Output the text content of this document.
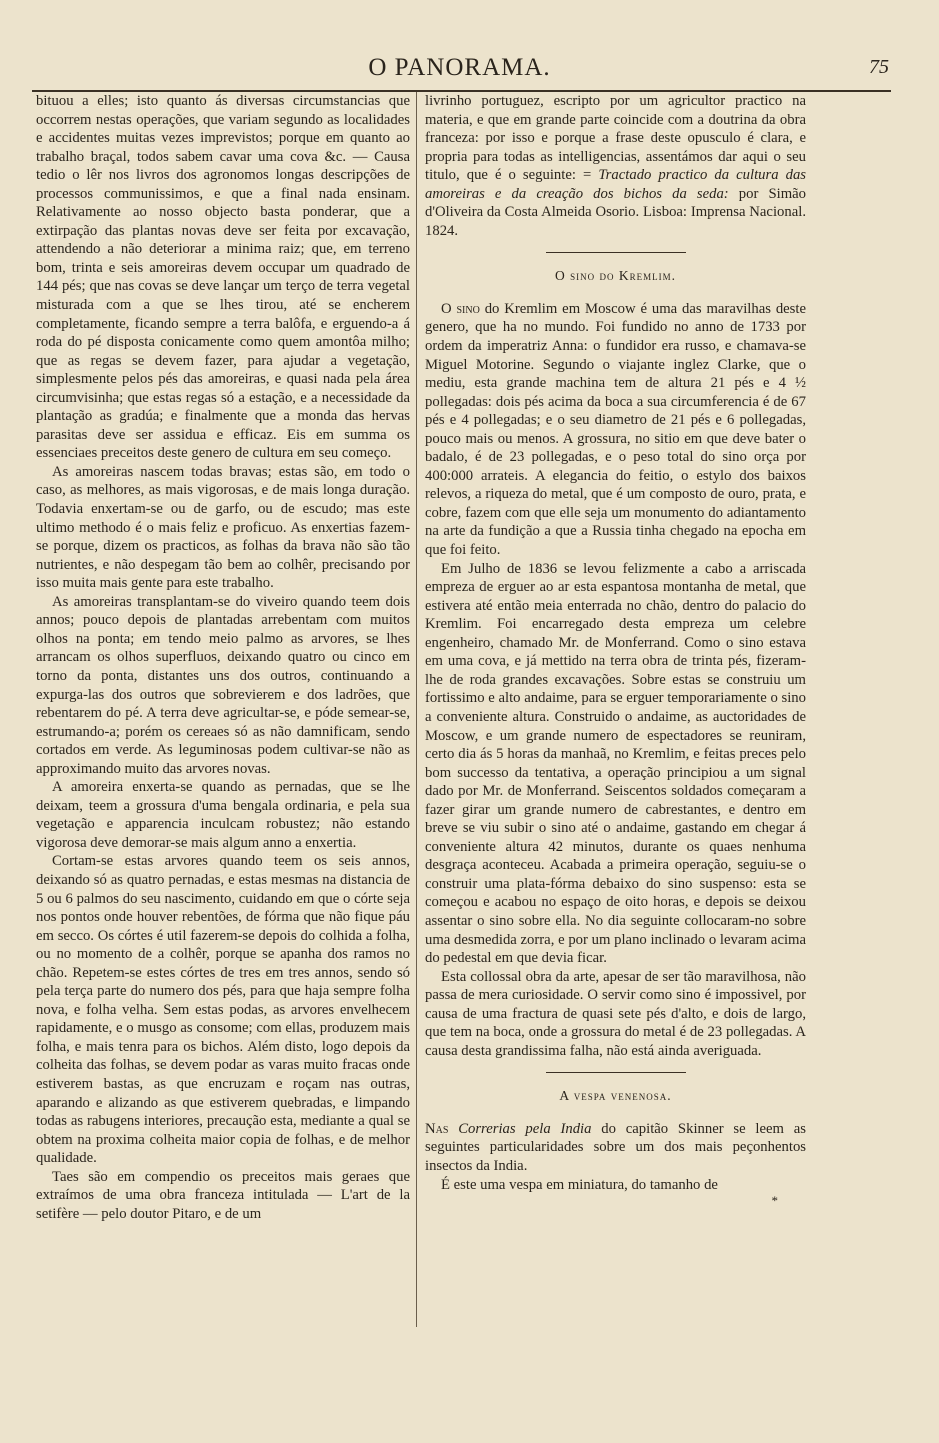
O PANORAMA.	75

bituou a elles; isto quanto ás diversas circumstancias que occorrem nestas operações, que variam segundo as localidades e accidentes muitas vezes imprevistos; porque em quanto ao trabalho braçal, todos sabem cavar uma cova &c. — Causa tedio o lêr nos livros dos agronomos longas descripções de processos communissimos, e que a final nada ensinam. Relativamente ao nosso objecto basta ponderar, que a extirpação das plantas novas deve ser feita por excavação, attendendo a não deteriorar a minima raiz; que, em terreno bom, trinta e seis amoreiras devem occupar um quadrado de 144 pés; que nas covas se deve lançar um terço de terra vegetal misturada com a que se lhes tirou, até se encherem completamente, ficando sempre a terra balôfa, e erguendo-a á roda do pé disposta conicamente como quem amontôa milho; que as regas se devem fazer, para ajudar a vegetação, simplesmente pelos pés das amoreiras, e quasi nada pela área circumvisinha; que estas regas só a estação, e a necessidade da plantação as gradúa; e finalmente que a monda das hervas parasitas deve ser assidua e efficaz. Eis em summa os essenciaes preceitos deste genero de cultura em seu começo.

As amoreiras nascem todas bravas; estas são, em todo o caso, as melhores, as mais vigorosas, e de mais longa duração. Todavia enxertam-se ou de garfo, ou de escudo; mas este ultimo methodo é o mais feliz e proficuo. As enxertias fazem-se porque, dizem os practicos, as folhas da brava não são tão nutrientes, e não despegam tão bem ao colhêr, precisando por isso muita mais gente para este trabalho.

As amoreiras transplantam-se do viveiro quando teem dois annos; pouco depois de plantadas arrebentam com muitos olhos na ponta; em tendo meio palmo as arvores, se lhes arrancam os olhos superfluos, deixando quatro ou cinco em torno da ponta, distantes uns dos outros, continuando a expurga-las dos outros que sobrevierem e dos ladrões, que rebentarem do pé. A terra deve agricultar-se, e póde semear-se, estrumando-a; porém os cereaes só as não damnificam, sendo cortados em verde. As leguminosas podem cultivar-se não as approximando muito das arvores novas.

A amoreira enxerta-se quando as pernadas, que se lhe deixam, teem a grossura d'uma bengala ordinaria, e pela sua vegetação e apparencia inculcam robustez; não estando vigorosa deve demorar-se mais algum anno a enxertia.

Cortam-se estas arvores quando teem os seis annos, deixando só as quatro pernadas, e estas mesmas na distancia de 5 ou 6 palmos do seu nascimento, cuidando em que o córte seja nos pontos onde houver rebentões, de fórma que não fique páu em secco. Os córtes é util fazerem-se depois do colhida a folha, ou no momento de a colhêr, porque se apanha dos ramos no chão. Repetem-se estes córtes de tres em tres annos, sendo só pela terça parte do numero dos pés, para que haja sempre folha nova, e folha velha. Sem estas podas, as arvores envelhecem rapidamente, e o musgo as consome; com ellas, produzem mais folha, e mais tenra para os bichos. Além disto, logo depois da colheita das folhas, se devem podar as varas muito fracas onde estiverem bastas, as que encruzam e roçam nas outras, aparando e alizando as que estiverem quebradas, e limpando todas as rabugens interiores, precaução esta, mediante a qual se obtem na proxima colheita maior copia de folhas, e de melhor qualidade.

Taes são em compendio os preceitos mais geraes que extraímos de uma obra franceza intitulada — L'art de la setifère — pelo doutor Pitaro, e de um

livrinho portuguez, escripto por um agricultor practico na materia, e que em grande parte coincide com a doutrina da obra franceza: por isso e porque a frase deste opusculo é clara, e propria para todas as intelligencias, assentámos dar aqui o seu titulo, que é o seguinte: = Tractado practico da cultura das amoreiras e da creação dos bichos da seda: por Simão d'Oliveira da Costa Almeida Osorio. Lisboa: Imprensa Nacional. 1824.

O sino do Kremlim.

O sino do Kremlim em Moscow é uma das maravilhas deste genero, que ha no mundo. Foi fundido no anno de 1733 por ordem da imperatriz Anna: o fundidor era russo, e chamava-se Miguel Motorine. Segundo o viajante inglez Clarke, que o mediu, esta grande machina tem de altura 21 pés e 4 ½ pollegadas: dois pés acima da boca a sua circumferencia é de 67 pés e 4 pollegadas; e o seu diametro de 21 pés e 6 pollegadas, pouco mais ou menos. A grossura, no sitio em que deve bater o badalo, é de 23 pollegadas, e o peso total do sino orça por 400:000 arrateis. A elegancia do feitio, o estylo dos baixos relevos, a riqueza do metal, que é um composto de ouro, prata, e cobre, fazem com que elle seja um monumento do adiantamento na arte da fundição a que a Russia tinha chegado na epocha em que foi feito.

Em Julho de 1836 se levou felizmente a cabo a arriscada empreza de erguer ao ar esta espantosa montanha de metal, que estivera até então meia enterrada no chão, dentro do palacio do Kremlim. Foi encarregado desta empreza um celebre engenheiro, chamado Mr. de Monferrand. Como o sino estava em uma cova, e já mettido na terra obra de trinta pés, fizeram-lhe de roda grandes excavações. Sobre estas se construiu um fortissimo e alto andaime, para se erguer temporariamente o sino a conveniente altura. Construido o andaime, as auctoridades de Moscow, e um grande numero de espectadores se reuniram, certo dia ás 5 horas da manhaã, no Kremlim, e feitas preces pelo bom successo da tentativa, a operação principiou a um signal dado por Mr. de Monferrand. Seiscentos soldados começaram a fazer girar um grande numero de cabrestantes, e dentro em breve se viu subir o sino até o andaime, gastando em chegar á conveniente altura 42 minutos, durante os quaes nenhuma desgraça aconteceu. Acabada a primeira operação, seguiu-se o construir uma plata-fórma debaixo do sino suspenso: esta se começou e acabou no espaço de oito horas, e depois se deixou assentar o sino sobre ella. No dia seguinte collocaram-no sobre uma desmedida zorra, e por um plano inclinado o levaram acima do pedestal em que devia ficar.

Esta collossal obra da arte, apesar de ser tão maravilhosa, não passa de mera curiosidade. O servir como sino é impossivel, por causa de uma fractura de quasi sete pés d'alto, e dois de largo, que tem na boca, onde a grossura do metal é de 23 pollegadas. A causa desta grandissima falha, não está ainda averiguada.

A vespa venenosa.

Nas Correrias pela India do capitão Skinner se leem as seguintes particularidades sobre um dos mais peçonhentos insectos da India.

É este uma vespa em miniatura, do tamanho de

*
